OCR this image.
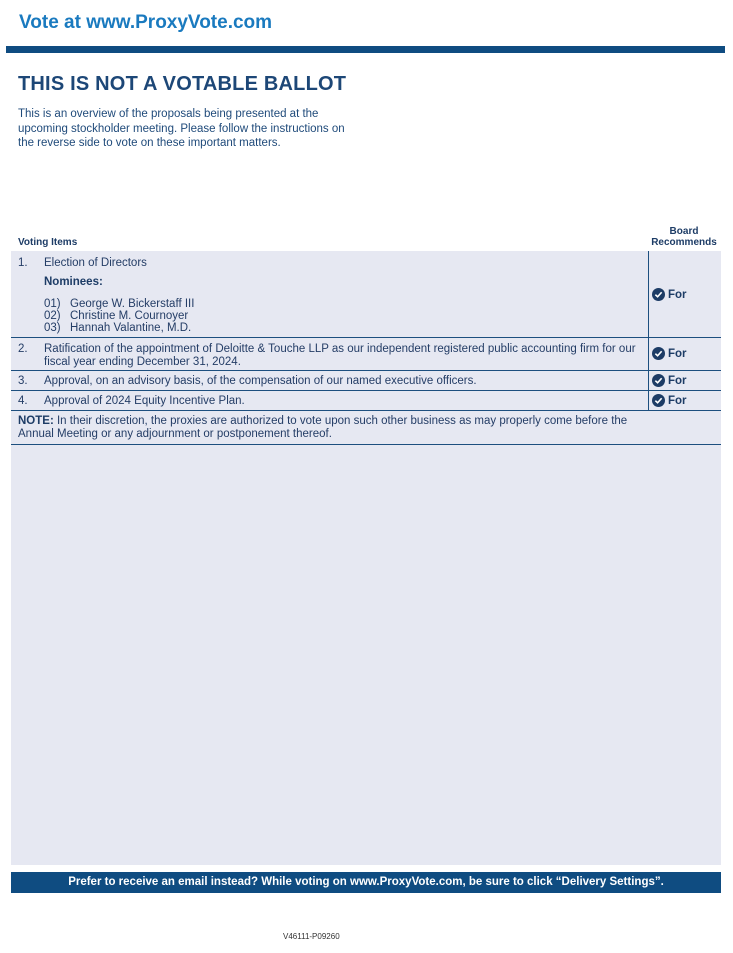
Vote at www.ProxyVote.com
THIS IS NOT A VOTABLE BALLOT
This is an overview of the proposals being presented at the upcoming stockholder meeting. Please follow the instructions on the reverse side to vote on these important matters.
Voting Items
Board
Recommends
1. Election of Directors
Nominees:
01) George W. Bickerstaff III
02) Christine M. Cournoyer
03) Hannah Valantine, M.D.
2. Ratification of the appointment of Deloitte & Touche LLP as our independent registered public accounting firm for our fiscal year ending December 31, 2024.
3. Approval, on an advisory basis, of the compensation of our named executive officers.
4. Approval of 2024 Equity Incentive Plan.
For
For
For
For
NOTE: In their discretion, the proxies are authorized to vote upon such other business as may properly come before the Annual Meeting or any adjournment or postponement thereof.
Prefer to receive an email instead? While voting on www.ProxyVote.com, be sure to click “Delivery Settings”.
V46111-P09260
